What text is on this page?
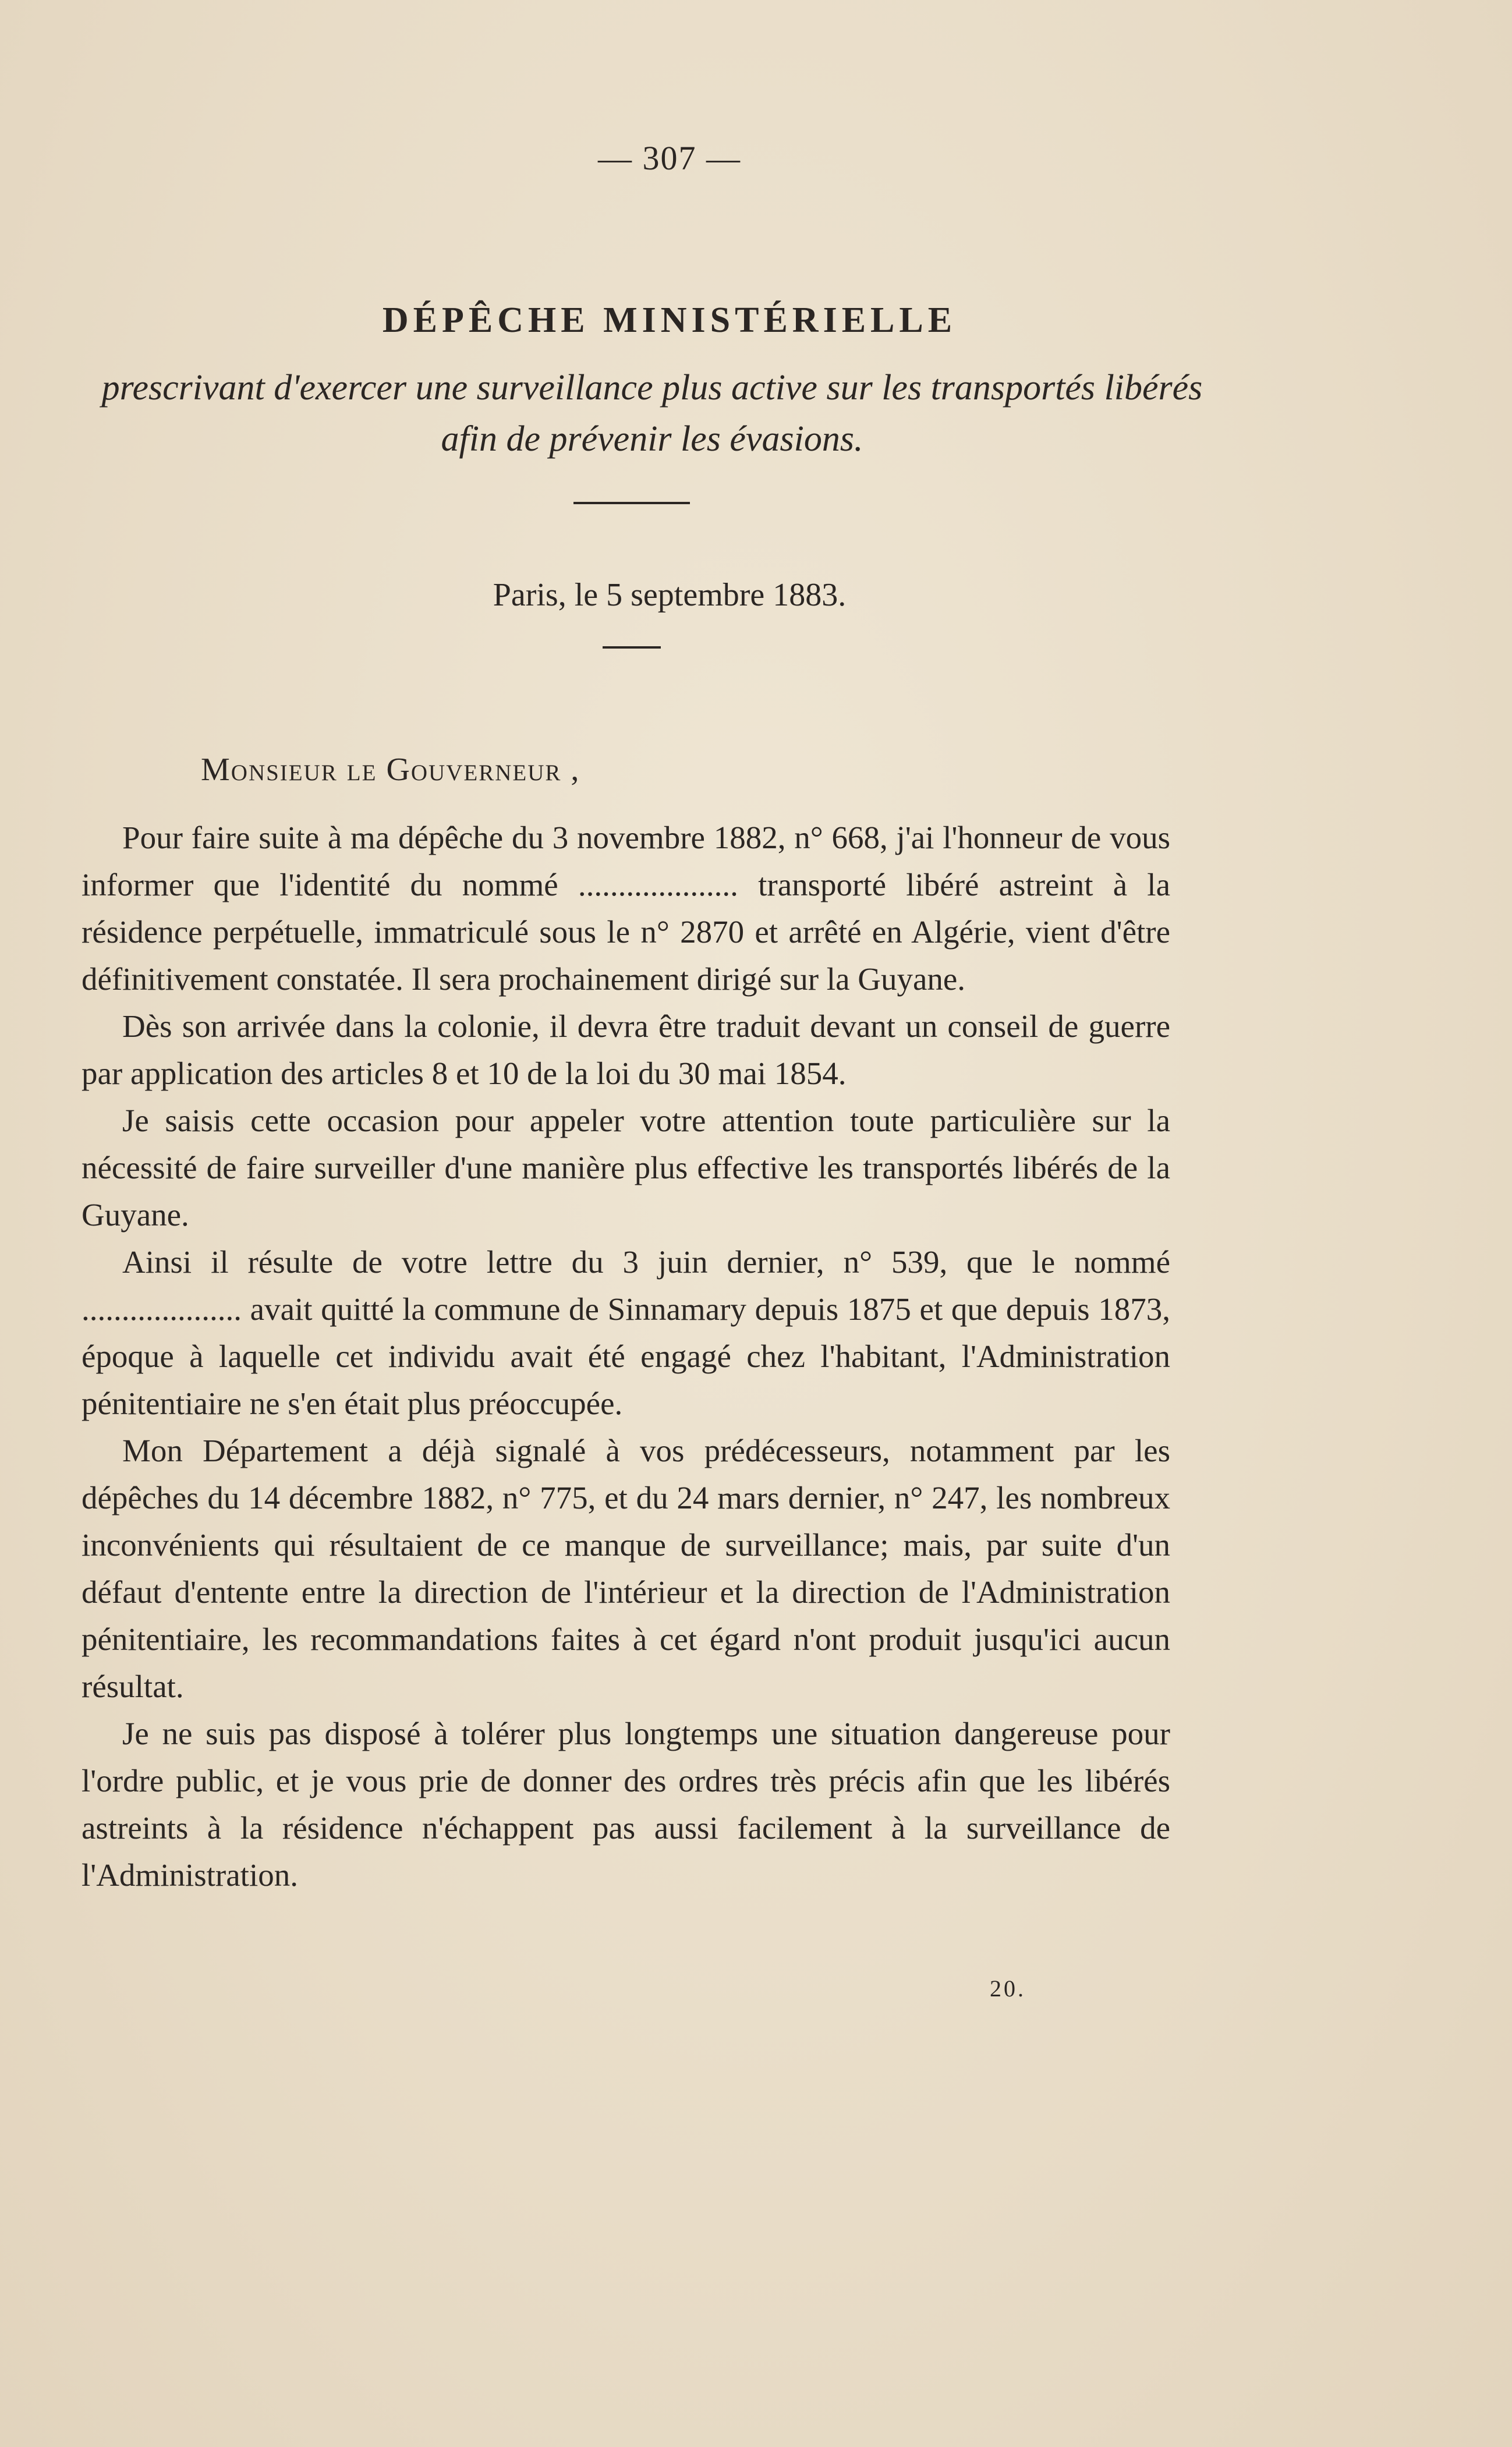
— 307 —
DÉPÊCHE MINISTÉRIELLE
prescrivant d'exercer une surveillance plus active sur les transportés libérés
afin de prévenir les évasions.
Paris, le 5 septembre 1883.
Monsieur le Gouverneur ,

Pour faire suite à ma dépêche du 3 novembre 1882, n° 668, j'ai l'honneur de vous informer que l'identité du nommé .................... transporté libéré astreint à la résidence perpétuelle, immatriculé sous le n° 2870 et arrêté en Algérie, vient d'être définitivement constatée. Il sera prochainement dirigé sur la Guyane.

Dès son arrivée dans la colonie, il devra être traduit devant un conseil de guerre par application des articles 8 et 10 de la loi du 30 mai 1854.

Je saisis cette occasion pour appeler votre attention toute particulière sur la nécessité de faire surveiller d'une manière plus effective les transportés libérés de la Guyane.

Ainsi il résulte de votre lettre du 3 juin dernier, n° 539, que le nommé .................... avait quitté la commune de Sinnamary depuis 1875 et que depuis 1873, époque à laquelle cet individu avait été engagé chez l'habitant, l'Administration pénitentiaire ne s'en était plus préoccupée.

Mon Département a déjà signalé à vos prédécesseurs, notamment par les dépêches du 14 décembre 1882, n° 775, et du 24 mars dernier, n° 247, les nombreux inconvénients qui résultaient de ce manque de surveillance; mais, par suite d'un défaut d'entente entre la direction de l'intérieur et la direction de l'Administration pénitentiaire, les recommandations faites à cet égard n'ont produit jusqu'ici aucun résultat.

Je ne suis pas disposé à tolérer plus longtemps une situation dangereuse pour l'ordre public, et je vous prie de donner des ordres très précis afin que les libérés astreints à la résidence n'échappent pas aussi facilement à la surveillance de l'Administration.

20.
